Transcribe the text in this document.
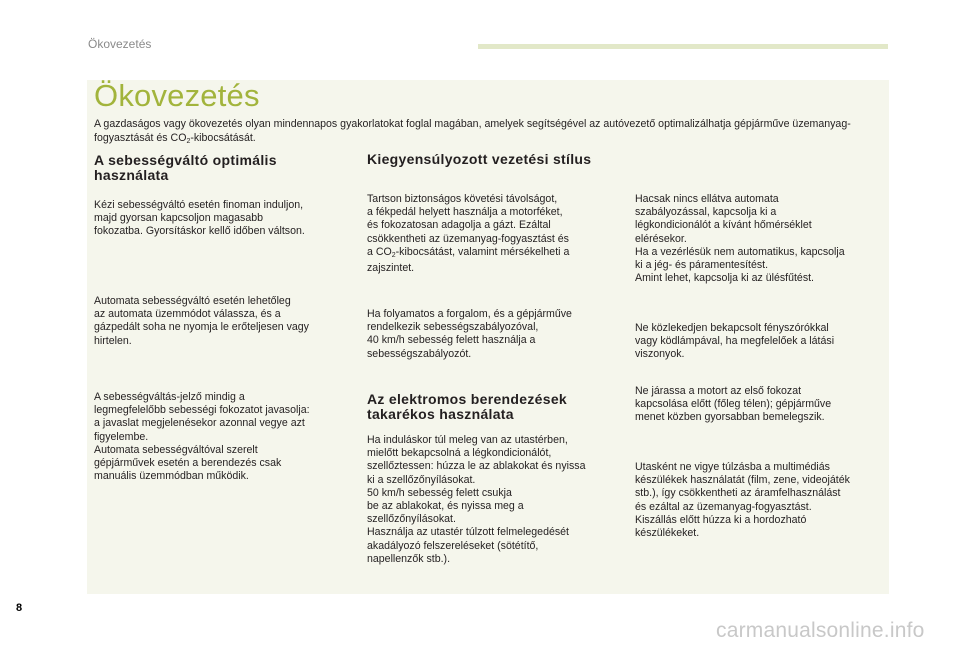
Ökovezetés
Ökovezetés
A gazdaságos vagy ökovezetés olyan mindennapos gyakorlatokat foglal magában, amelyek segítségével az autóvezető optimalizálhatja gépjárműve üzemanyag-fogyasztását és $CO_2$-kibocsátását.
A sebességváltó optimális
használata
Kézi sebességváltó esetén finoman induljon,
majd gyorsan kapcsoljon magasabb
fokozatba. Gyorsításkor kellő időben váltson.
Automata sebességváltó esetén lehetőleg
az automata üzemmódot válassza, és a
gázpedált soha ne nyomja le erőteljesen vagy
hirtelen.
A sebességváltás-jelző mindig a
legmegfelelőbb sebességi fokozatot javasolja:
a javaslat megjelenésekor azonnal vegye azt
figyelembe.
Automata sebességváltóval szerelt
gépjárművek esetén a berendezés csak
manuális üzemmódban működik.
Kiegyensúlyozott vezetési stílus
Tartson biztonságos követési távolságot,
a fékpedál helyett használja a motorféket,
és fokozatosan adagolja a gázt. Ezáltal
csökkentheti az üzemanyag-fogyasztást és
a $CO_2$-kibocsátást, valamint mérsékelheti a
zajszintet.
Ha folyamatos a forgalom, és a gépjárműve
rendelkezik sebességszabályozóval,
40 km/h sebesség felett használja a
sebességszabályozót.
Az elektromos berendezések
takarékos használata
Ha induláskor túl meleg van az utastérben,
mielőtt bekapcsolná a légkondicionálót,
szellőztessen: húzza le az ablakokat és nyissa
ki a szellőzőnyílásokat.
50 km/h sebesség felett csukja
be az ablakokat, és nyissa meg a
szellőzőnyílásokat.
Használja az utastér túlzott felmelegedését
akadályozó felszereléseket (sötétítő,
napellenzők stb.).
Hacsak nincs ellátva automata
szabályozással, kapcsolja ki a
légkondicionálót a kívánt hőmérséklet
elérésekor.
Ha a vezérlésük nem automatikus, kapcsolja
ki a jég- és páramentesítést.
Amint lehet, kapcsolja ki az ülésfűtést.
Ne közlekedjen bekapcsolt fényszórókkal
vagy ködlámpával, ha megfelelőek a látási
viszonyok.
Ne járassa a motort az első fokozat
kapcsolása előtt (főleg télen); gépjárműve
menet közben gyorsabban bemelegszik.
Utasként ne vigye túlzásba a multimédiás
készülékek használatát (film, zene, videojáték
stb.), így csökkentheti az áramfelhasználást
és ezáltal az üzemanyag-fogyasztást.
Kiszállás előtt húzza ki a hordozható
készülékeket.
8
carmanualsonline.info
